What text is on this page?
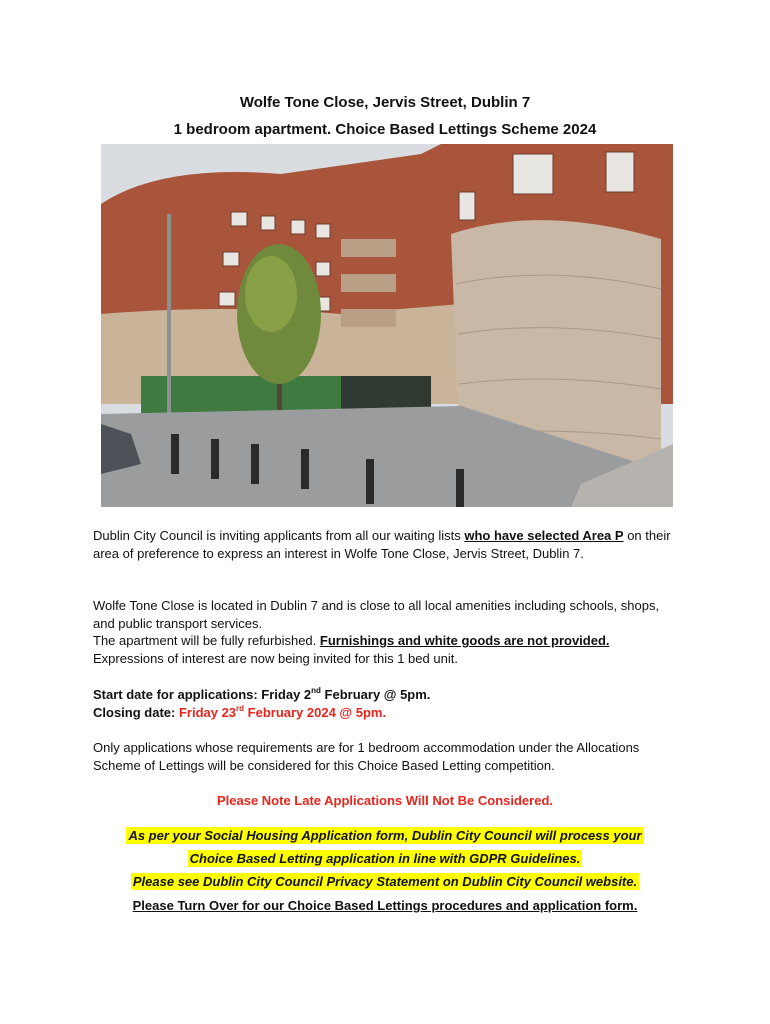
Wolfe Tone Close, Jervis Street, Dublin 7
1 bedroom apartment. Choice Based Lettings Scheme 2024
Dublin City Council is inviting applicants from all our waiting lists who have selected Area P on their area of preference to express an interest in Wolfe Tone Close, Jervis Street, Dublin 7.
Wolfe Tone Close is located in Dublin 7 and is close to all local amenities including schools, shops, and public transport services.
The apartment will be fully refurbished. Furnishings and white goods are not provided.
Expressions of interest are now being invited for this 1 bed unit.
Start date for applications: Friday 2nd February @ 5pm.
Closing date: Friday 23rd February 2024 @ 5pm.
Only applications whose requirements are for 1 bedroom accommodation under the Allocations Scheme of Lettings will be considered for this Choice Based Letting competition.
Please Note Late Applications Will Not Be Considered.
As per your Social Housing Application form, Dublin City Council will process your
Choice Based Letting application in line with GDPR Guidelines.
Please see Dublin City Council Privacy Statement on Dublin City Council website.
Please Turn Over for our Choice Based Lettings procedures and application form.
